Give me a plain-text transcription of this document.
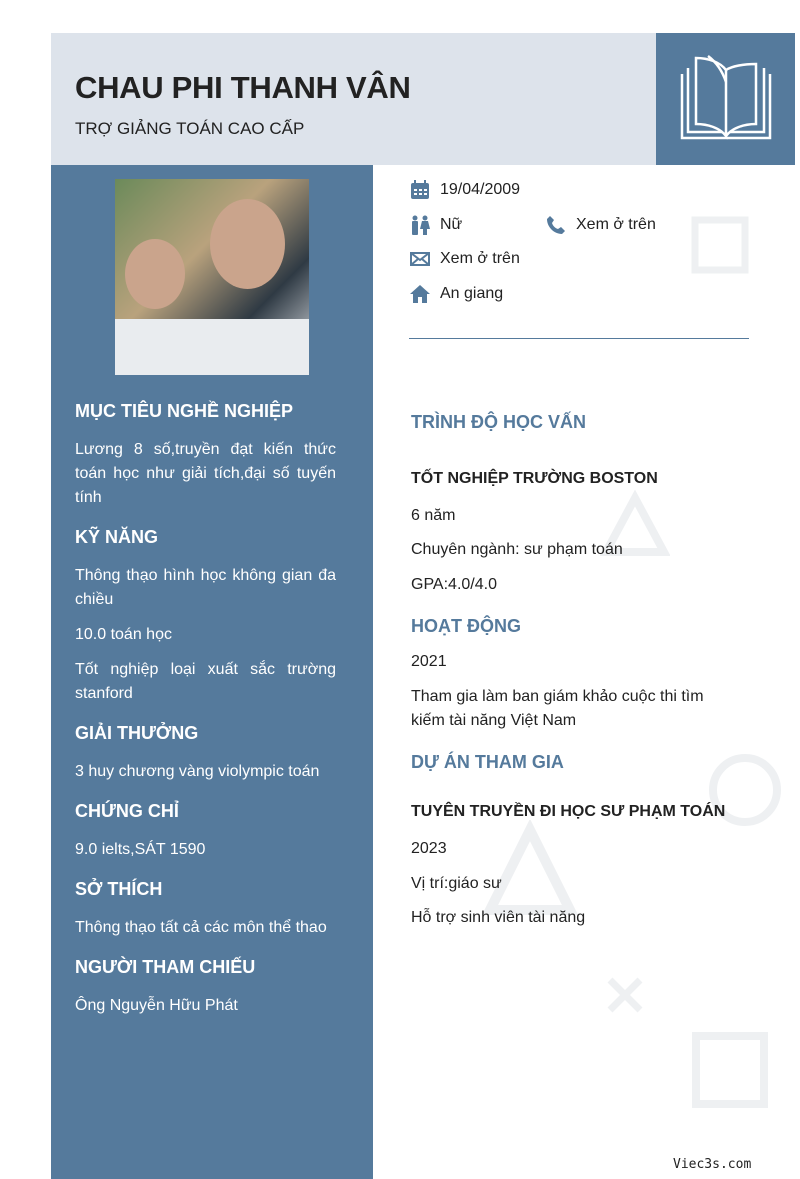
CHAU PHI THANH VÂN
TRỢ GIẢNG TOÁN CAO CẤP
MỤC TIÊU NGHỀ NGHIỆP
Lương 8 số,truyền đạt kiến thức toán học như giải tích,đại số tuyến tính
KỸ NĂNG
Thông thạo hình học không gian đa chiều
10.0 toán học
Tốt nghiệp loại xuất sắc trường stanford
GIẢI THƯỞNG
3 huy chương vàng violympic toán
CHỨNG CHỈ
9.0 ielts,SÁT 1590
SỞ THÍCH
Thông thạo tất cả các môn thể thao
NGƯỜI THAM CHIẾU
Ông Nguyễn Hữu Phát
19/04/2009
Nữ	Xem ở trên
Xem ở trên
An giang
TRÌNH ĐỘ HỌC VẤN
TỐT NGHIỆP TRƯỜNG BOSTON
6 năm
Chuyên ngành: sư phạm toán
GPA:4.0/4.0
HOẠT ĐỘNG
2021
Tham gia làm ban giám khảo cuộc thi tìm kiếm tài năng Việt Nam
DỰ ÁN THAM GIA
TUYÊN TRUYỀN ĐI HỌC SƯ PHẠM TOÁN
2023
Vị trí:giáo sư
Hỗ trợ sinh viên tài năng
Viec3s.com
